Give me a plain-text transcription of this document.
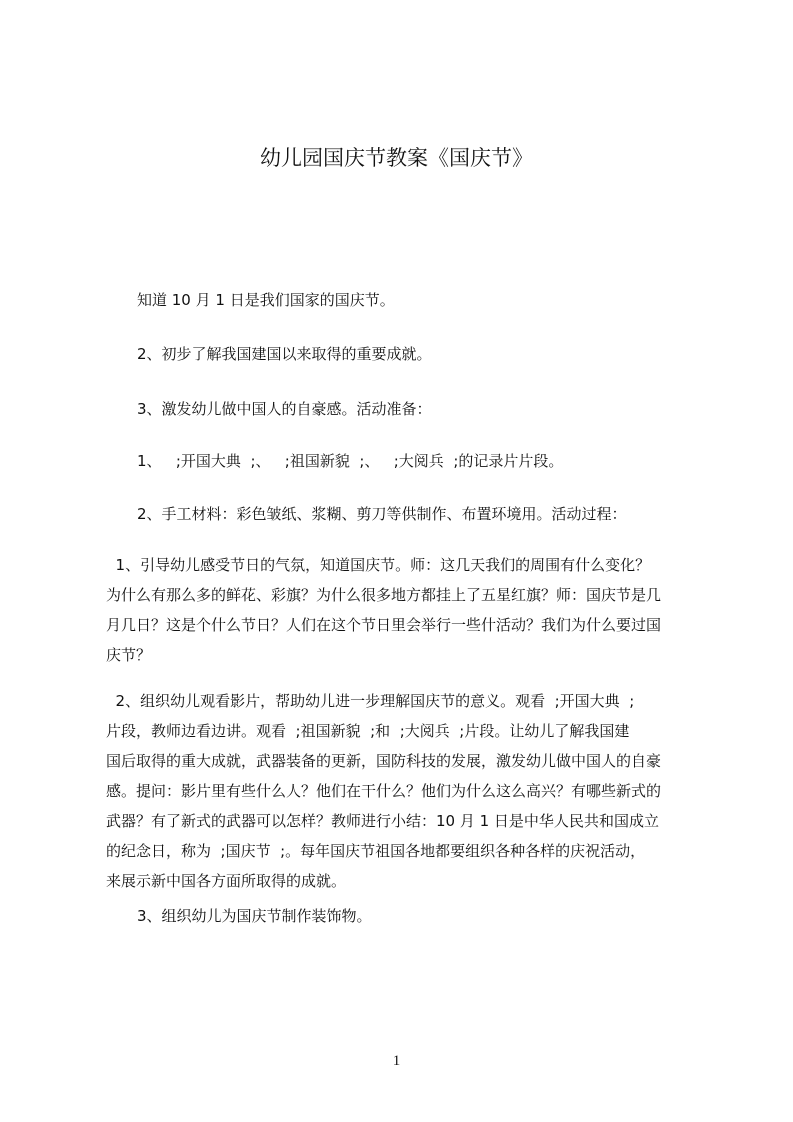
幼儿园国庆节教案《国庆节》

知道 10 月 1 日是我们国家的国庆节。

2、初步了解我国建国以来取得的重要成就。

3、激发幼儿做中国人的自豪感。活动准备：

1、   ;开国大典  ;、   ;祖国新貌  ;、   ;大阅兵  ;的记录片片段。

2、手工材料：彩色皱纸、浆糊、剪刀等供制作、布置环境用。活动过程：

1、引导幼儿感受节日的气氛，知道国庆节。师：这几天我们的周围有什么变化？
为什么有那么多的鲜花、彩旗？为什么很多地方都挂上了五星红旗？师：国庆节是几
月几日？这是个什么节日？人们在这个节日里会举行一些什活动？我们为什么要过国
庆节？
2、组织幼儿观看影片，帮助幼儿进一步理解国庆节的意义。观看  ;开国大典  ;
片段，教师边看边讲。观看  ;祖国新貌  ;和  ;大阅兵  ;片段。让幼儿了解我国建
国后取得的重大成就，武器装备的更新，国防科技的发展，激发幼儿做中国人的自豪
感。提问：影片里有些什么人？他们在干什么？他们为什么这么高兴？有哪些新式的
武器？有了新式的武器可以怎样？教师进行小结：10 月 1 日是中华人民共和国成立
的纪念日，称为  ;国庆节  ;。每年国庆节祖国各地都要组织各种各样的庆祝活动，
来展示新中国各方面所取得的成就。

3、组织幼儿为国庆节制作装饰物。

1
